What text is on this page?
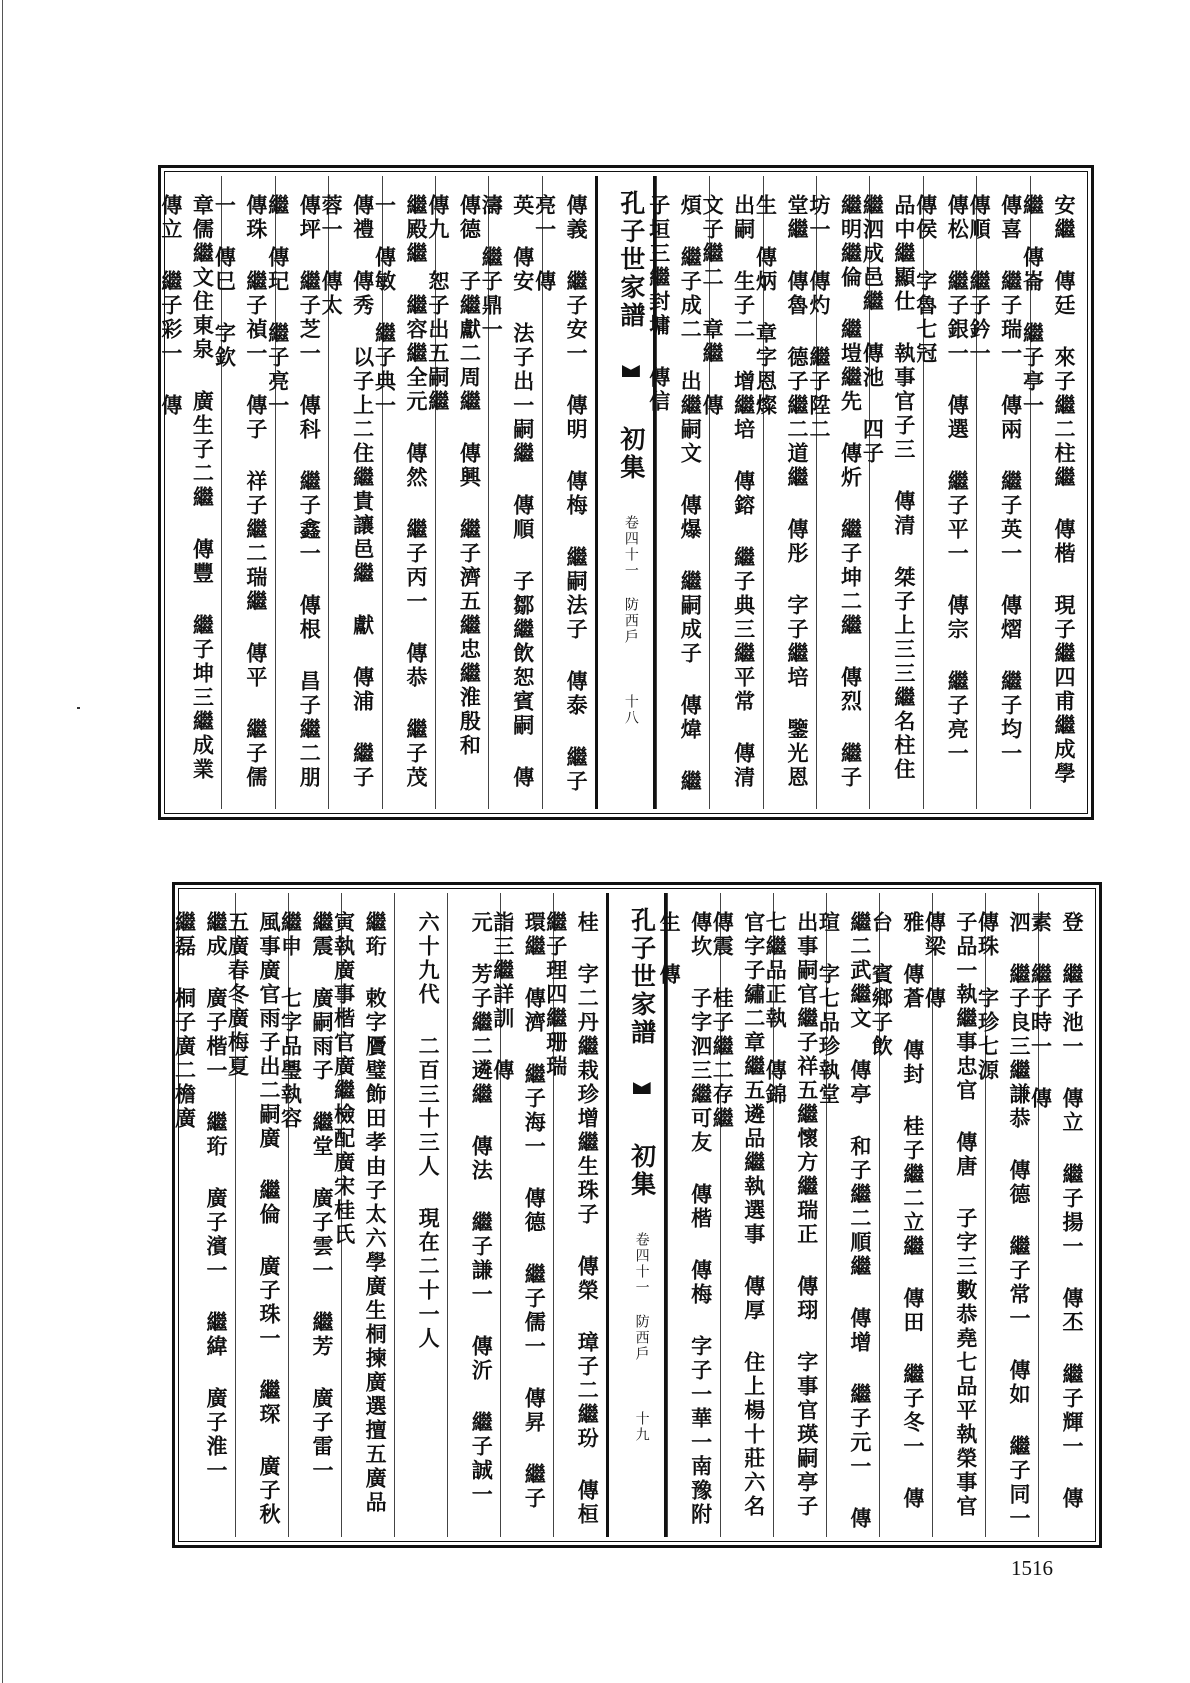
安繼 傳廷 來子繼二柱繼 傳楷 現子繼四甫繼成學繼 傳崙 繼子亭一
傳喜 繼子瑞一 傳兩 繼子英一 傳熠 繼子均一 傳順 繼子鈐一
傳松 繼子銀一 傳選 繼子平一 傳宗 繼子亮一 傳侯 字魯七冠
品中繼顯仕 執事官子三 傳清 桀子上三三繼名柱住繼泗成邑繼 傳池 四子
繼明繼倫 繼塏繼先 傳炘 繼子坤二繼 傳烈 繼子坊一 傳灼 繼子陞二
堂繼 傳魯 德子繼二道繼 傳彤 字子繼培 鑒光恩生 傳炳 章字恩燦
出嗣 生子二 增繼培 傳鎔 繼子典三繼平常 傳清 文子繼二 章繼 傳
煩 繼子成二 出繼嗣文 傳爆 繼嗣成子 傳煒 繼子垣三繼封墉 傳信
孔子世家譜  初集 卷四十一 防西戶 十八
傳義 繼子安一 傳明 傳梅 繼嗣法子 傳泰 繼子亮一 傳
英 傳安 法子出一嗣繼 傳順 子鄒繼飲恕賓嗣 傳濤 繼子鼎一
傳德 子繼獻二周繼 傳興 繼子濟五繼忠繼淮殷和 傳九 恕子出五嗣繼
繼殿繼 繼容繼全元 傳然 繼子丙一 傳恭 繼子茂一 傳敏 繼子典一
傳禮 傳秀 以子上二住繼貴讓邑繼 獻 傳浦 繼子蓉一 傳太
傳坪 繼子芝一 傳科 繼子鑫一 傳根 昌子繼二朋繼 傳玘 繼子亮一
傳珠 繼子禎一 傳子 祥子繼二瑞繼 傳平 繼子儒一 傳巳 字欽
章儒繼文住東泉 廣生子二繼 傳豐 繼子坤三繼成業 傳立 繼子彩一 傳
登 繼子池一 傳立 繼子揚一 傳丕 繼子輝一 傳素 繼子時一 傳
泗 繼子良三繼謙恭 傳德 繼子常一 傳如 繼子同一 傳珠 字珍七源
子品一執繼事忠官 傳唐 子字三數恭堯七品平執榮事官 傳梁 傳
雅 傳蒼 傳封 桂子繼二立繼 傳田 繼子冬一 傳台 賓鄉子飲
繼二武繼文 傳亭 和子繼二順繼 傳增 繼子元一 傳瑄 字七品珍執堂
出事嗣官繼子祥五繼懷方繼瑞正 傳珝 字事官瑛嗣亭子七繼品正執 傳錦
官字子繡二章繼五遴品繼執選事 傳厚 住上楊十莊六名 傳震 桂子繼二存繼
傳坎 子字泗三繼可友 傳楷 傳梅 字子一華一南豫附生 傳
孔子世家譜  初集 卷四十一 防西戶 十九
桂 字二丹繼栽珍增繼生珠子 傳榮 璋子二繼玢 傳桓 繼子理四繼珊瑞
環繼 傳濟 繼子海一 傳德 繼子儒一 傳昇 繼子詣三繼詳訓 傳
元 芳子繼二遴繼 傳法 繼子謙一 傳沂 繼子誠一
六十九代 二百三十三人 現在二十一人
繼珩 敕字贗璧飾田孝由子太六學廣生桐揀廣選擅五廣品寅執廣事楷官廣繼檢配廣宋桂氏
繼震 廣嗣雨子 繼堂 廣子雲一 繼芳 廣子雷一 繼申 七字品璺執容
風事廣官雨子出二嗣廣 繼倫 廣子珠一 繼琛 廣子秋五廣春冬廣梅夏
繼成 廣子楷一 繼珩 廣子濱一 繼緯 廣子淮一 繼磊 桐子廣二檐廣
1516
